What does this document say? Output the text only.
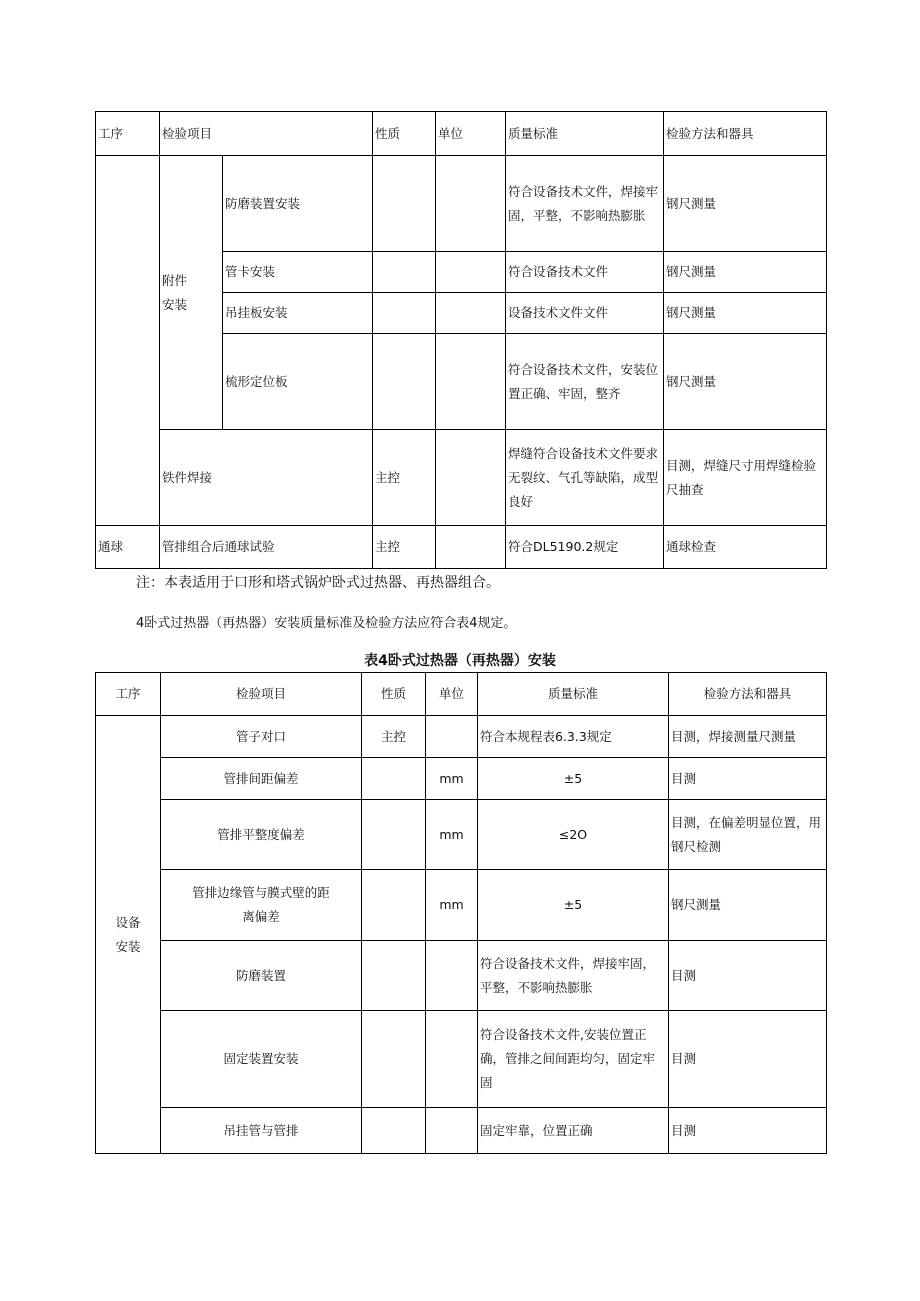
工序	检验项目		性质	单位	质量标准	检验方法和器具

	附件安装	防磨装置安装			符合设备技术文件，焊接牢固，平整，不影响热膨胀	钢尺测量
		管卡安装			符合设备技术文件	钢尺测量
		吊挂板安装			设备技术文件文件	钢尺测量
		梳形定位板			符合设备技术文件，安装位置正确、牢固，整齐	钢尺测量
	铁件焊接		主控		焊缝符合设备技术文件要求无裂纹、气孔等缺陷，成型良好	目测，焊缝尺寸用焊缝检验尺抽查
通球	管排组合后通球试验		主控		符合DL5190.2规定	通球检查

注：本表适用于口形和塔式锅炉卧式过热器、再热器组合。

4卧式过热器（再热器）安装质量标准及检验方法应符合表4规定。

表4卧式过热器（再热器）安装

工序	检验项目	性质	单位	质量标准	检验方法和器具
设备安装	管子对口	主控		符合本规程表6.3.3规定	目测，焊接测量尺测量
	管排间距偏差		mm	±5	目测
	管排平整度偏差		mm	≤2O	目测，在偏差明显位置，用钢尺检测
	管排边缘管与膜式壁的距离偏差		mm	±5	钢尺测量
	防磨装置			符合设备技术文件，焊接牢固，平整，不影响热膨胀	目测
	固定装置安装			符合设备技术文件,安装位置正确，管排之间间距均匀，固定牢固	目测
	吊挂管与管排			固定牢靠，位置正确	目测
